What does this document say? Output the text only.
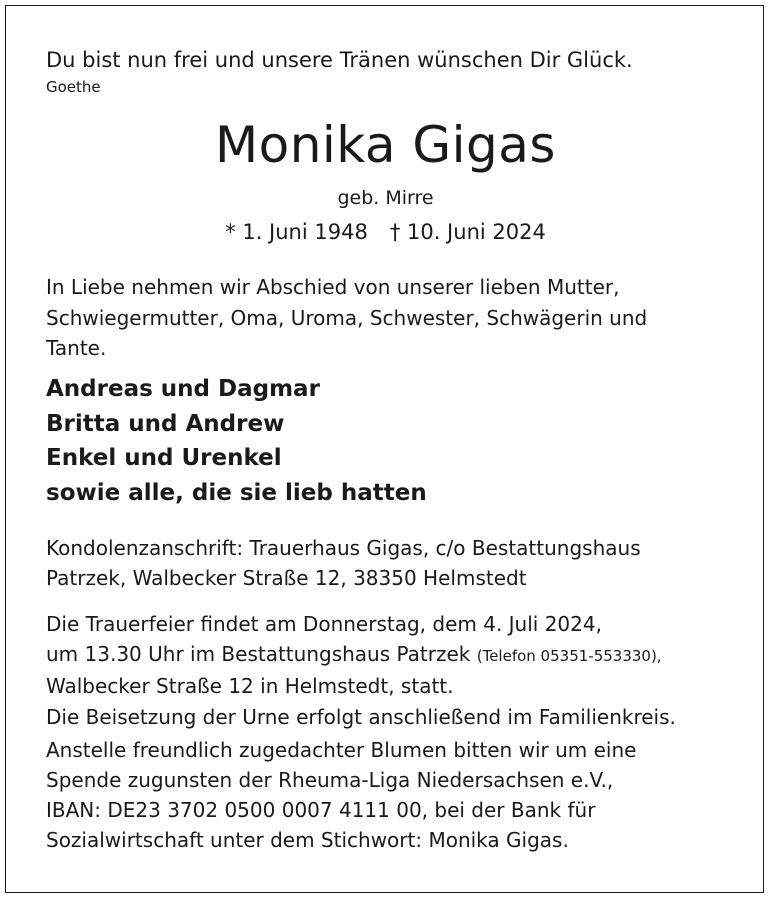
Du bist nun frei und unsere Tränen wünschen Dir Glück.

Goethe

Monika Gigas

geb. Mirre

* 1. Juni 1948 † 10. Juni 2024

In Liebe nehmen wir Abschied von unserer lieben Mutter,
Schwiegermutter, Oma, Uroma, Schwester, Schwägerin und
Tante.

Andreas und Dagmar

Britta und Andrew

Enkel und Urenkel

sowie alle, die sie lieb hatten

Kondolenzanschrift: Trauerhaus Gigas, c/o Bestattungshaus
Patrzek, Walbecker Straße 12, 38350 Helmstedt
Die Trauerfeier findet am Donnerstag, dem 4. Juli 2024,
um 13.30 Uhr im Bestattungshaus Patrzek (Telefon 05351-553330),
Walbecker Straße 12 in Helmstedt, statt.

Die Beisetzung der Urne erfolgt anschließend im Familienkreis.

Anstelle freundlich zugedachter Blumen bitten wir um eine
Spende zugunsten der Rheuma-Liga Niedersachsen e.V.,
IBAN: DE23 3702 0500 0007 4111 00, bei der Bank für
Sozialwirtschaft unter dem Stichwort: Monika Gigas.
